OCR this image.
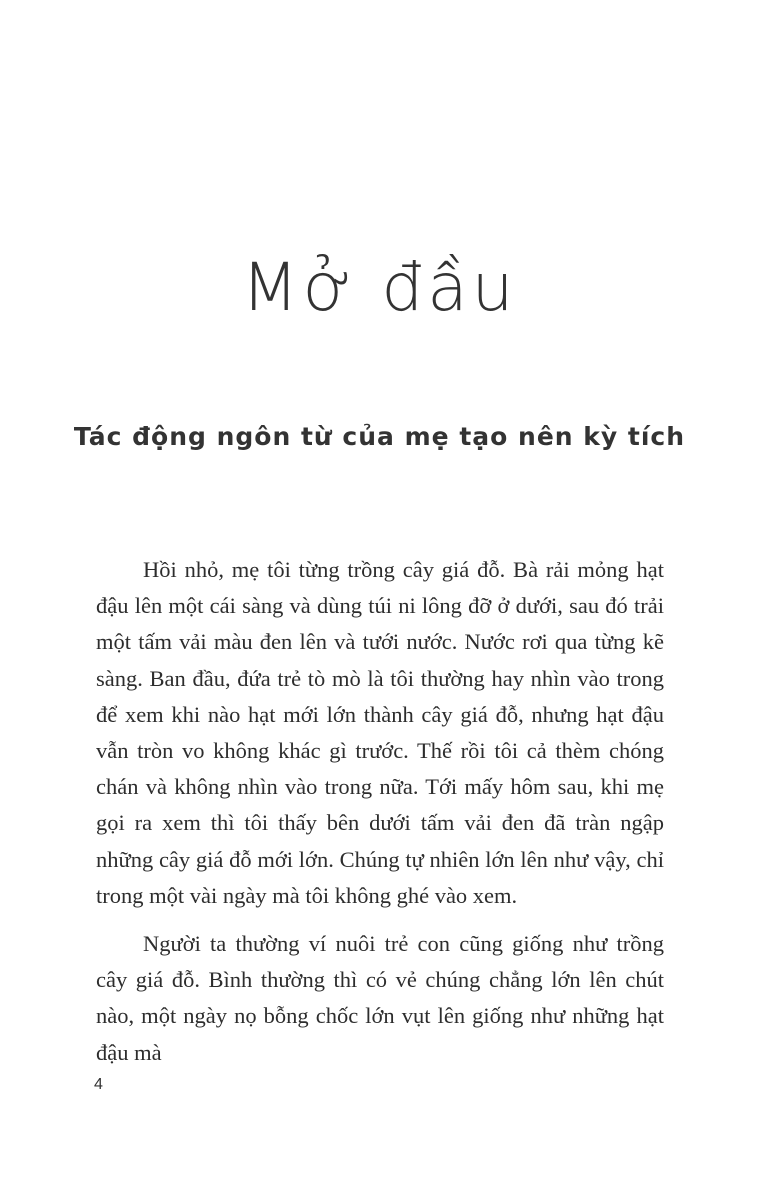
Mở đầu
Tác động ngôn từ của mẹ tạo nên kỳ tích

Hồi nhỏ, mẹ tôi từng trồng cây giá đỗ. Bà rải mỏng hạt đậu lên một cái sàng và dùng túi ni lông đỡ ở dưới, sau đó trải một tấm vải màu đen lên và tưới nước. Nước rơi qua từng kẽ sàng. Ban đầu, đứa trẻ tò mò là tôi thường hay nhìn vào trong để xem khi nào hạt mới lớn thành cây giá đỗ, nhưng hạt đậu vẫn tròn vo không khác gì trước. Thế rồi tôi cả thèm chóng chán và không nhìn vào trong nữa. Tới mấy hôm sau, khi mẹ gọi ra xem thì tôi thấy bên dưới tấm vải đen đã tràn ngập những cây giá đỗ mới lớn. Chúng tự nhiên lớn lên như vậy, chỉ trong một vài ngày mà tôi không ghé vào xem.

Người ta thường ví nuôi trẻ con cũng giống như trồng cây giá đỗ. Bình thường thì có vẻ chúng chẳng lớn lên chút nào, một ngày nọ bỗng chốc lớn vụt lên giống như những hạt đậu mà

4
